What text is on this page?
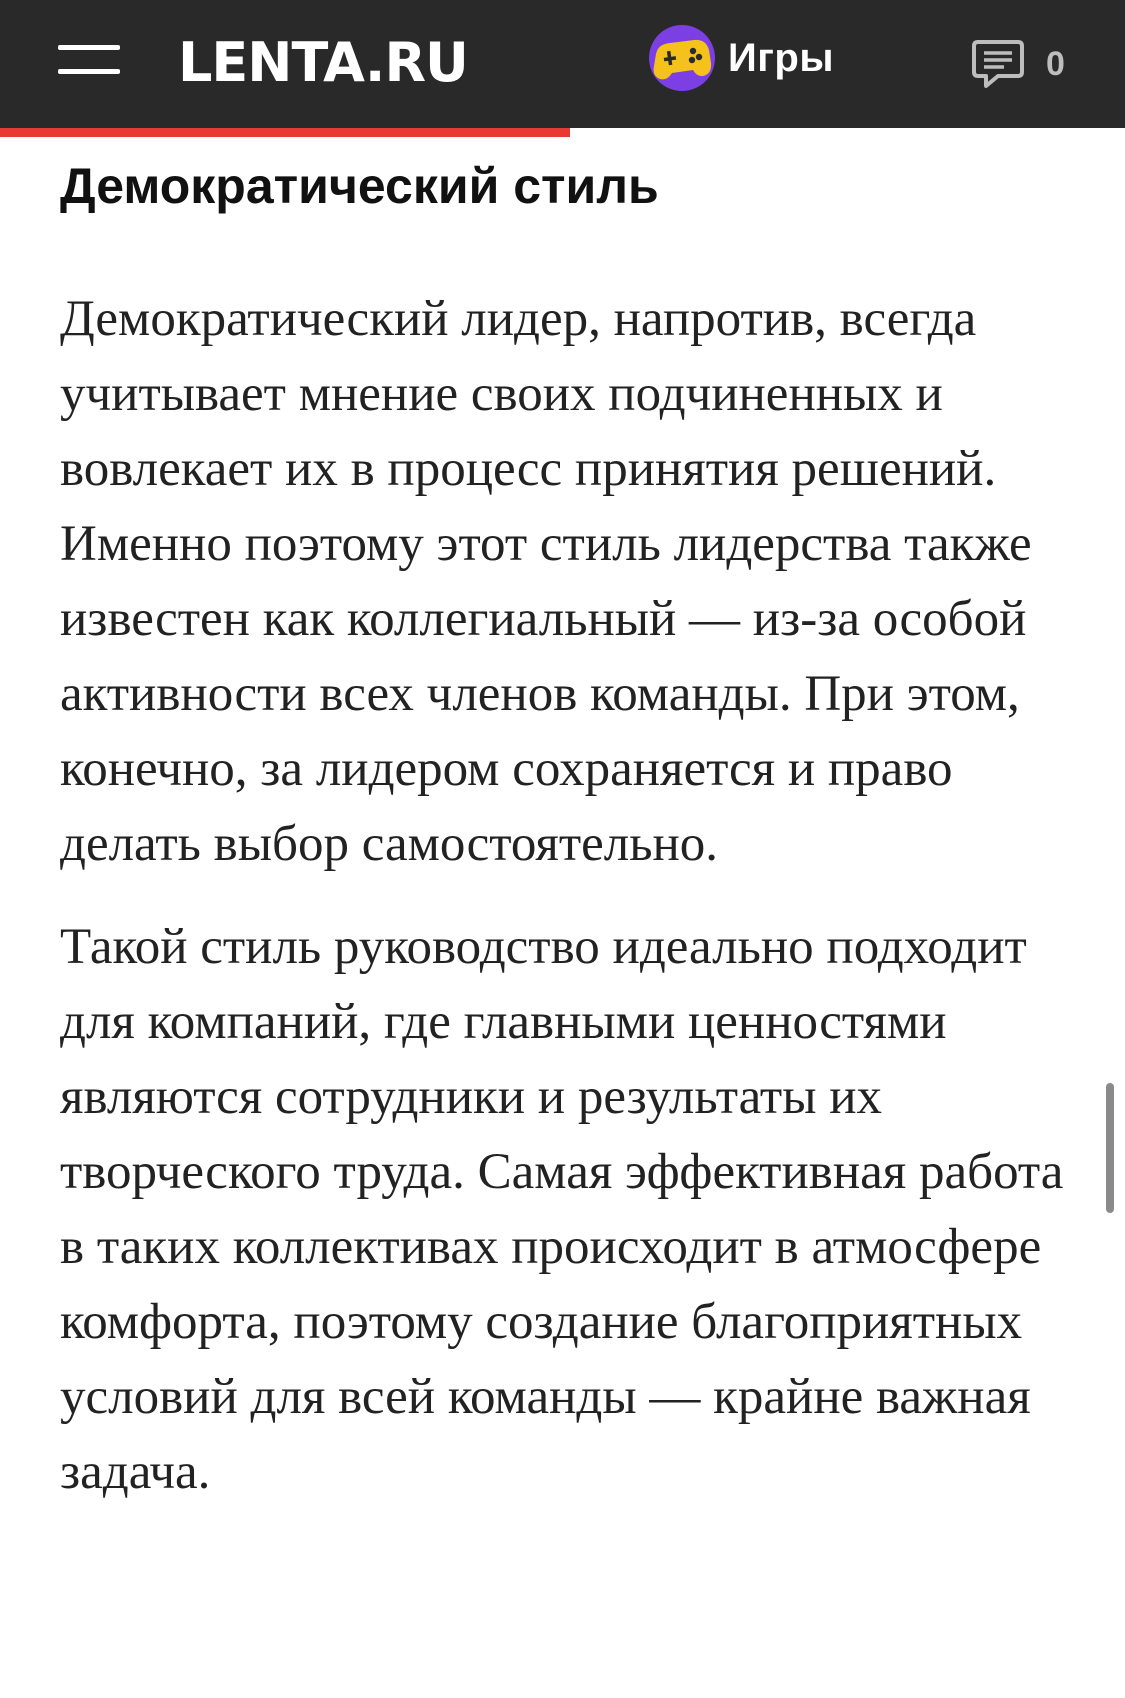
LENTA.RU	Игры	0
Демократический стиль

Демократический лидер, напротив, всегда учитывает мнение своих подчиненных и вовлекает их в процесс принятия решений. Именно поэтому этот стиль лидерства также известен как коллегиальный — из-за особой активности всех членов команды. При этом, конечно, за лидером сохраняется и право делать выбор самостоятельно.

Такой стиль руководство идеально подходит для компаний, где главными ценностями являются сотрудники и результаты их творческого труда. Самая эффективная работа в таких коллективах происходит в атмосфере комфорта, поэтому создание благоприятных условий для всей команды — крайне важная задача.
